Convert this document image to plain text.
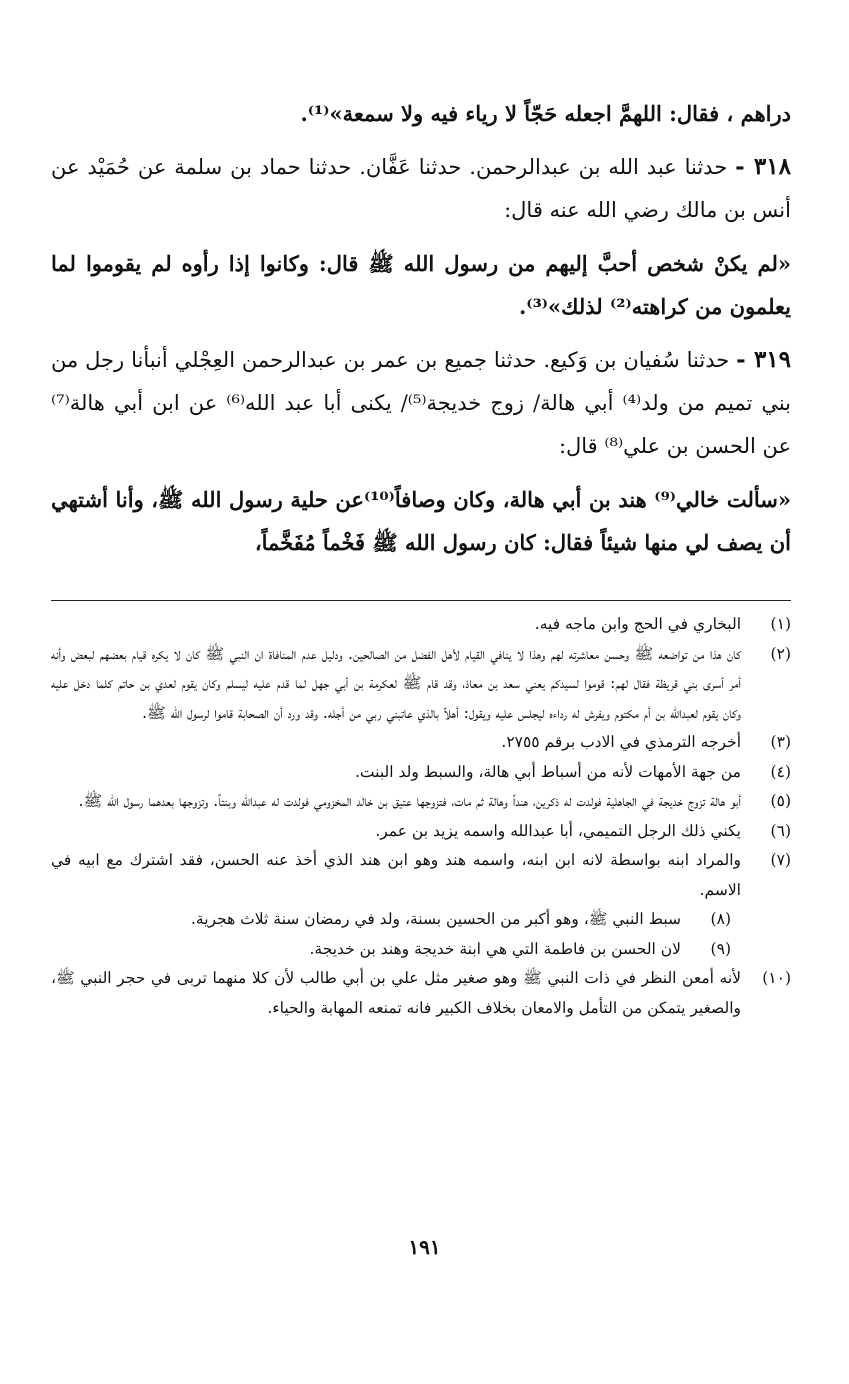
دراهم ، فقال: اللهمَّ اجعله حَجّاً لا رياء فيه ولا سمعة»⁽¹⁾.

٣١٨ - حدثنا عبد الله بن عبدالرحمن. حدثنا عَفَّان. حدثنا حماد بن سلمة عن حُمَيْد عن أنس بن مالك رضي الله عنه قال:

«لم يكنْ شخص أحبَّ إليهم من رسول الله ﷺ قال: وكانوا إذا رأوه لم يقوموا لما يعلمون من كراهته⁽²⁾ لذلك»⁽³⁾.

٣١٩ - حدثنا سُفيان بن وَكيع. حدثنا جميع بن عمر بن عبدالرحمن العِجْلي أنبأنا رجل من بني تميم من ولد⁽⁴⁾ أبي هالة/ زوج خديجة⁽⁵⁾/ يكنى أبا عبد الله⁽⁶⁾ عن ابن أبي هالة⁽⁷⁾ عن الحسن بن علي⁽⁸⁾ قال:

«سألت خالي⁽⁹⁾ هند بن أبي هالة، وكان وصافاً⁽¹⁰⁾عن حلية رسول الله ﷺ، وأنا أشتهي أن يصف لي منها شيئاً فقال: كان رسول الله ﷺ فَخْماً مُفَخَّماً،

(١)
البخاري في الحج وابن ماجه فيه.
(٢)
كان هذا من تواضعه ﷺ وحسن معاشرته لهم وهذا لا ينافي القيام لأهل الفضل من الصالحين. ودليل عدم المنافاة ان النبي ﷺ كان لا يكره قيام بعضهم لبعض وأنه أمر أسرى بني قريظة فقال لهم: قوموا لسيدكم يعني سعد بن معاذ، وقد قام ﷺ لعكرمة بن أبي جهل لما قدم عليه ليسلم وكان يقوم لعدي بن حاتم كلما دخل عليه وكان يقوم لعبدالله بن أم مكتوم ويفرش له رداءه ليجلس عليه ويقول: أهلاً بالذي عاتبني ربي من أجله. وقد ورد أن الصحابة قاموا لرسول الله ﷺ.
(٣)
أخرجه الترمذي في الادب برقم ٢٧٥٥.
(٤)
من جهة الأمهات لأنه من أسباط أبي هالة، والسبط ولد البنت.
(٥)
أبو هالة تزوج خديجة في الجاهلية فولدت له ذكرين، هنداً وهالة ثم مات، فتزوجها عتيق بن خالد المخزومي فولدت له عبدالله وبنتاً. وتزوجها بعدهما رسول الله ﷺ.
(٦)
يكني ذلك الرجل التميمي، أبا عبدالله واسمه يزيد بن عمر.
(٧)
والمراد ابنه بواسطة لانه ابن ابنه، واسمه هند وهو ابن هند الذي أخذ عنه الحسن، فقد اشترك مع ابيه في الاسم.
(٨)
سبط النبي ﷺ، وهو أكبر من الحسين بسنة، ولد في رمضان سنة ثلاث هجرية.
(٩)
لان الحسن بن فاطمة التي هي ابنة خديجة وهند بن خديجة.
(١٠)
لأنه أمعن النظر في ذات النبي ﷺ وهو صغير مثل علي بن أبي طالب لأن كلا منهما تربى في حجر النبي ﷺ، والصغير يتمكن من التأمل والامعان بخلاف الكبير فانه تمنعه المهابة والحياء.
١٩١
